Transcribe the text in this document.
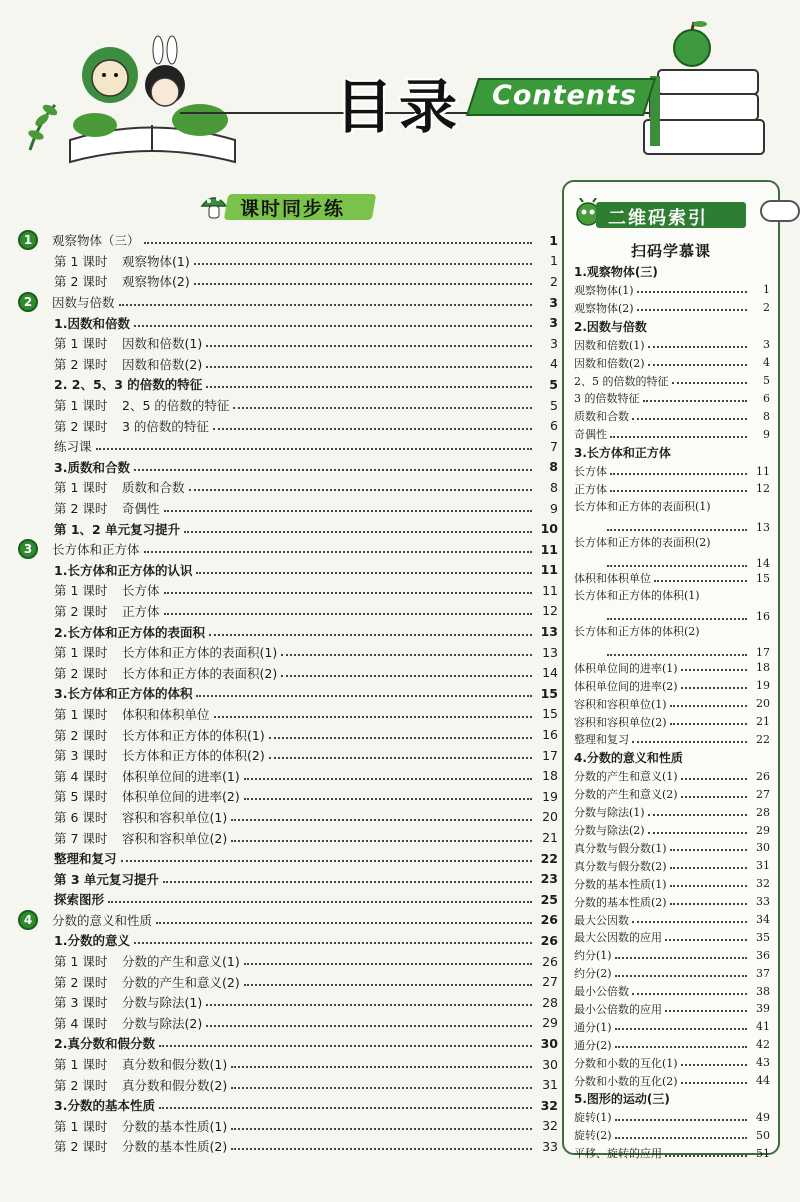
Contents
目录
课时同步练
1	观察物体（三）	1
第 1 课时 观察物体(1)	1
第 2 课时 观察物体(2)	2
2	因数与倍数	3
1.因数和倍数	3
第 1 课时 因数和倍数(1)	3
第 2 课时 因数和倍数(2)	4
2. 2、5、3 的倍数的特征	5
第 1 课时 2、5 的倍数的特征	5
第 2 课时 3 的倍数的特征	6
练习课	7
3.质数和合数	8
第 1 课时 质数和合数	8
第 2 课时 奇偶性	9
第 1、2 单元复习提升	10
3	长方体和正方体	11
1.长方体和正方体的认识	11
第 1 课时 长方体	11
第 2 课时 正方体	12
2.长方体和正方体的表面积	13
第 1 课时 长方体和正方体的表面积(1)	13
第 2 课时 长方体和正方体的表面积(2)	14
3.长方体和正方体的体积	15
第 1 课时 体积和体积单位	15
第 2 课时 长方体和正方体的体积(1)	16
第 3 课时 长方体和正方体的体积(2)	17
第 4 课时 体积单位间的进率(1)	18
第 5 课时 体积单位间的进率(2)	19
第 6 课时 容积和容积单位(1)	20
第 7 课时 容积和容积单位(2)	21
整理和复习	22
第 3 单元复习提升	23
探索图形	25
4	分数的意义和性质	26
1.分数的意义	26
第 1 课时 分数的产生和意义(1)	26
第 2 课时 分数的产生和意义(2)	27
第 3 课时 分数与除法(1)	28
第 4 课时 分数与除法(2)	29
2.真分数和假分数	30
第 1 课时 真分数和假分数(1)	30
第 2 课时 真分数和假分数(2)	31
3.分数的基本性质	32
第 1 课时 分数的基本性质(1)	32
第 2 课时 分数的基本性质(2)	33
二维码索引
扫码学慕课
1.观察物体(三)
观察物体(1)	1
观察物体(2)	2
2.因数与倍数
因数和倍数(1)	3
因数和倍数(2)	4
2、5 的倍数的特征	5
3 的倍数特征	6
质数和合数	8
奇偶性	9
3.长方体和正方体
长方体	11
正方体	12
长方体和正方体的表面积(1)
13
长方体和正方体的表面积(2)
14
体积和体积单位	15
长方体和正方体的体积(1)
16
长方体和正方体的体积(2)
17
体积单位间的进率(1)	18
体积单位间的进率(2)	19
容积和容积单位(1)	20
容积和容积单位(2)	21
整理和复习	22
4.分数的意义和性质
分数的产生和意义(1)	26
分数的产生和意义(2)	27
分数与除法(1)	28
分数与除法(2)	29
真分数与假分数(1)	30
真分数与假分数(2)	31
分数的基本性质(1)	32
分数的基本性质(2)	33
最大公因数	34
最大公因数的应用	35
约分(1)	36
约分(2)	37
最小公倍数	38
最小公倍数的应用	39
通分(1)	41
通分(2)	42
分数和小数的互化(1)	43
分数和小数的互化(2)	44
5.图形的运动(三)
旋转(1)	49
旋转(2)	50
平移、旋转的应用	51
